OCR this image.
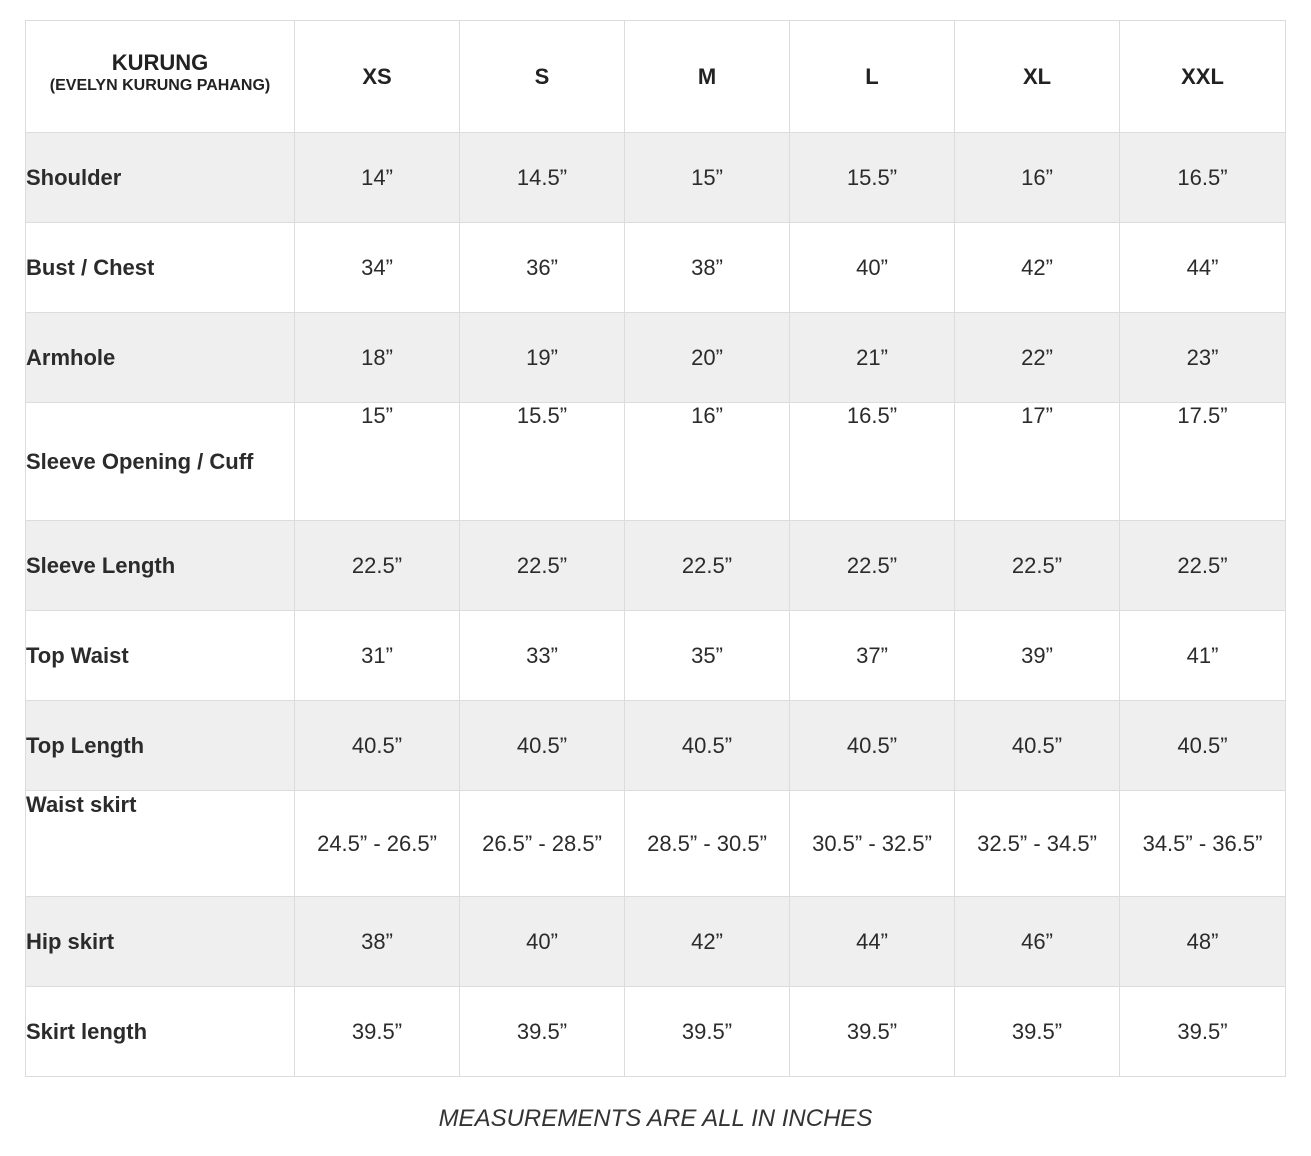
KURUNG
(EVELYN KURUNG PAHANG)	XS	S	M	L	XL	XXL
Shoulder	14”	14.5”	15”	15.5”	16”	16.5”
Bust / Chest	34”	36”	38”	40”	42”	44”
Armhole	18”	19”	20”	21”	22”	23”
Sleeve Opening / Cuff	15”	15.5”	16”	16.5”	17”	17.5”
Sleeve Length	22.5”	22.5”	22.5”	22.5”	22.5”	22.5”
Top Waist	31”	33”	35”	37”	39”	41”
Top Length	40.5”	40.5”	40.5”	40.5”	40.5”	40.5”
Waist skirt	24.5” - 26.5”	26.5” - 28.5”	28.5” - 30.5”	30.5” - 32.5”	32.5” - 34.5”	34.5” - 36.5”
Hip skirt	38”	40”	42”	44”	46”	48”
Skirt length	39.5”	39.5”	39.5”	39.5”	39.5”	39.5”
MEASUREMENTS ARE ALL IN INCHES
